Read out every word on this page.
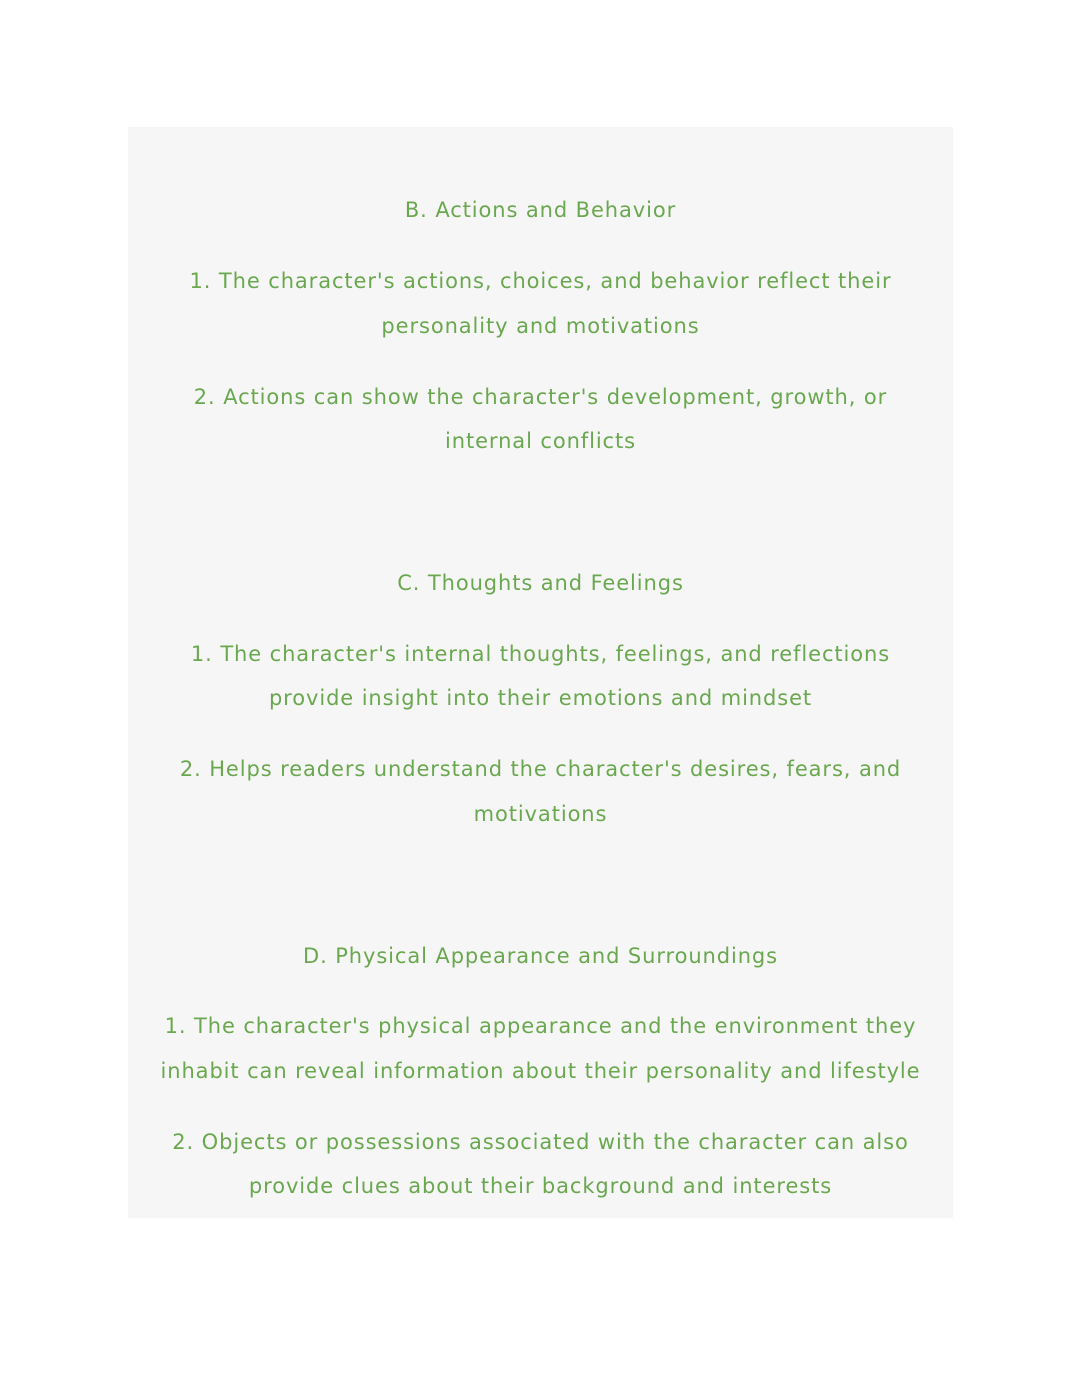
B. Actions and Behavior
1. The character's actions, choices, and behavior reflect their
personality and motivations
2. Actions can show the character's development, growth, or
internal conflicts
C. Thoughts and Feelings
1. The character's internal thoughts, feelings, and reflections
provide insight into their emotions and mindset
2. Helps readers understand the character's desires, fears, and
motivations
D. Physical Appearance and Surroundings
1. The character's physical appearance and the environment they
inhabit can reveal information about their personality and lifestyle
2. Objects or possessions associated with the character can also
provide clues about their background and interests
